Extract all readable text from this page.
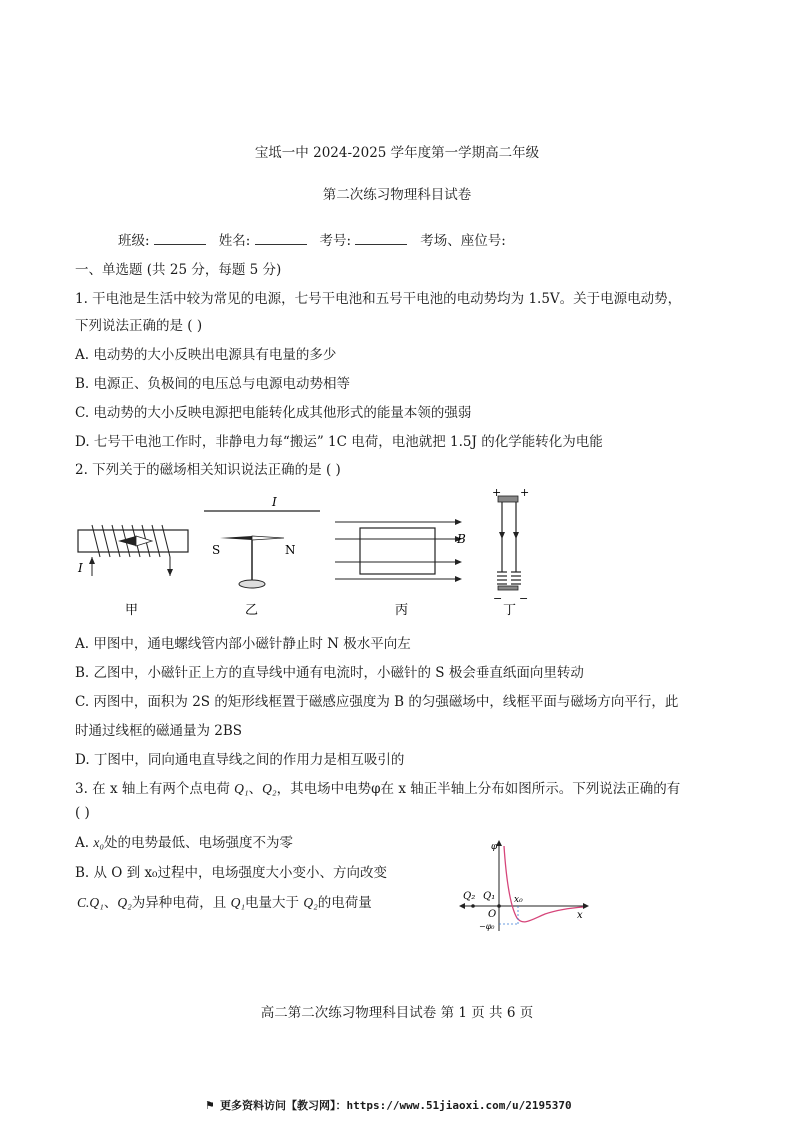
宝坻一中 2024-2025 学年度第一学期高二年级
第二次练习物理科目试卷
班级:	姓名:	考号:	考场、座位号:
一、单选题 (共 25 分，每题 5 分)
1. 干电池是生活中较为常见的电源，七号干电池和五号干电池的电动势均为 1.5V。关于电源电动势，
下列说法正确的是 ( )
A. 电动势的大小反映出电源具有电量的多少
B. 电源正、负极间的电压总与电源电动势相等
C. 电动势的大小反映电源把电能转化成其他形式的能量本领的强弱
D. 七号干电池工作时，非静电力每“搬运” 1C 电荷，电池就把 1.5J 的化学能转化为电能
2. 下列关于的磁场相关知识说法正确的是 ( )
I
I
S	N
B
+ +
− −
甲	乙	丙	丁
A. 甲图中，通电螺线管内部小磁针静止时 N 极水平向左
B. 乙图中，小磁针正上方的直导线中通有电流时，小磁针的 S 极会垂直纸面向里转动
C. 丙图中，面积为 2S 的矩形线框置于磁感应强度为 B 的匀强磁场中，线框平面与磁场方向平行，此
时通过线框的磁通量为 2BS
D. 丁图中，同向通电直导线之间的作用力是相互吸引的
3. 在 x 轴上有两个点电荷 Q₁、Q₂，其电场中电势φ在 x 轴正半轴上分布如图所示。下列说法正确的有
( )
A. x₀处的电势最低、电场强度不为零
B. 从 O 到 x₀过程中，电场强度大小变小、方向改变
C.Q₁、Q₂为异种电荷，且 Q₁电量大于 Q₂的电荷量
φ
x
O
Q₂ Q₁ x₀
−φ₀
高二第二次练习物理科目试卷 第 1 页 共 6 页
⚑ 更多资料访问【教习网】：https://www.51jiaoxi.com/u/2195370
